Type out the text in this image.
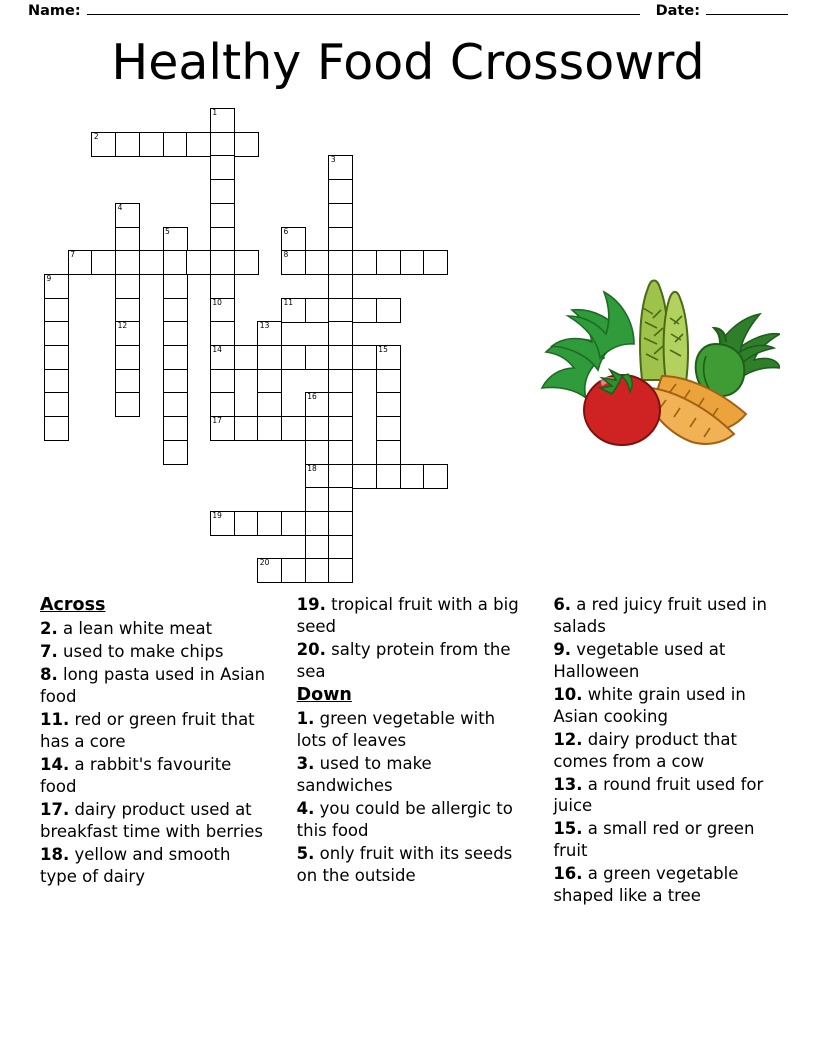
Name:	Date:
Healthy Food Crossowrd
1
2
3
4
5	6
7	8
9
10	11
12	13
14	15
16
17
18
19
20
Across

2. a lean white meat

7. used to make chips

8. long pasta used in Asian food

11. red or green fruit that has a core

14. a rabbit's favourite food

17. dairy product used at breakfast time with berries

18. yellow and smooth type of dairy

19. tropical fruit with a big seed

20. salty protein from the sea

Down

1. green vegetable with lots of leaves

3. used to make sandwiches

4. you could be allergic to this food

5. only fruit with its seeds on the outside

6. a red juicy fruit used in salads

9. vegetable used at Halloween

10. white grain used in Asian cooking

12. dairy product that comes from a cow

13. a round fruit used for juice

15. a small red or green fruit

16. a green vegetable shaped like a tree
